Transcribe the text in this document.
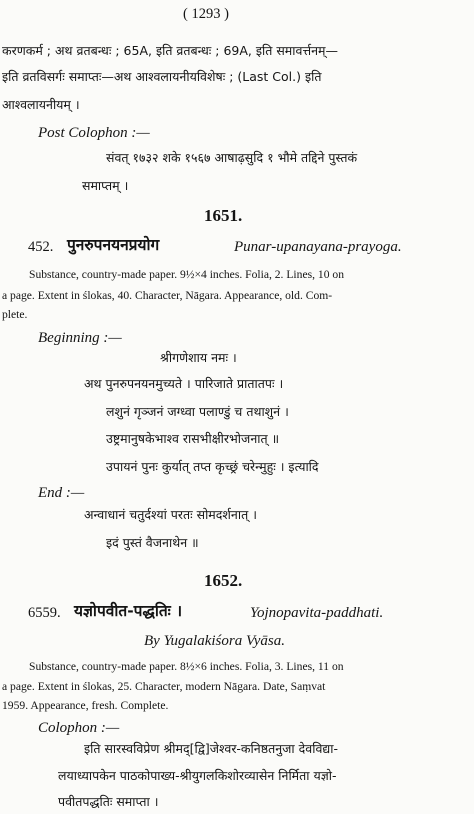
( 1293 )
करणकर्म ; अथ व्रतबन्धः ; 65A, इति व्रतबन्धः ; 69A, इति समावर्त्तनम्—
इति व्रतविसर्गः समाप्तः—अथ आश्वलायनीयविशेषः ; (Last Col.) इति
आश्वलायनीयम् ।
Post Colophon :—
संवत् १७३२ शके १५६७ आषाढ़सुदि १ भौमे तद्दिने पुस्तकं
समाप्तम् ।
1651.
452. पुनरुपनयनप्रयोग	Punar-upanayana-prayoga.
Substance, country-made paper. 9½×4 inches. Folia, 2. Lines, 10 on
a page. Extent in ślokas, 40. Character, Nāgara. Appearance, old. Com-
plete.
Beginning :—
श्रीगणेशाय नमः ।
अथ पुनरुपनयनमुच्यते । पारिजाते प्रातातपः ।
लशुनं गृञ्जनं जग्ध्वा पलाण्डुं च तथाशुनं ।
उष्ट्रमानुषकेभाश्व रासभीक्षीरभोजनात् ॥
उपायनं पुनः कुर्यात् तप्त कृच्छ्रं चरेन्मुहुः । इत्यादि
End :—
अन्वाधानं चतुर्दश्यां परतः सोमदर्शनात् ।
इदं पुस्तं वैजनाथेन ॥
1652.
6559. यज्ञोपवीत-पद्धतिः ।	Yojnopavita-paddhati.
By Yugalakiśora Vyāsa.
Substance, country-made paper. 8½×6 inches. Folia, 3. Lines, 11 on
a page. Extent in ślokas, 25. Character, modern Nāgara. Date, Saṃvat
1959. Appearance, fresh. Complete.
Colophon :—
इति सारस्वविप्रेण श्रीमद्[द्वि]जेश्वर-कनिष्ठतनुजा देवविद्या-
लयाध्यापकेन पाठकोपाख्य-श्रीयुगलकिशोरव्यासेन निर्मिता यज्ञो-
पवीतपद्धतिः समाप्ता ।
